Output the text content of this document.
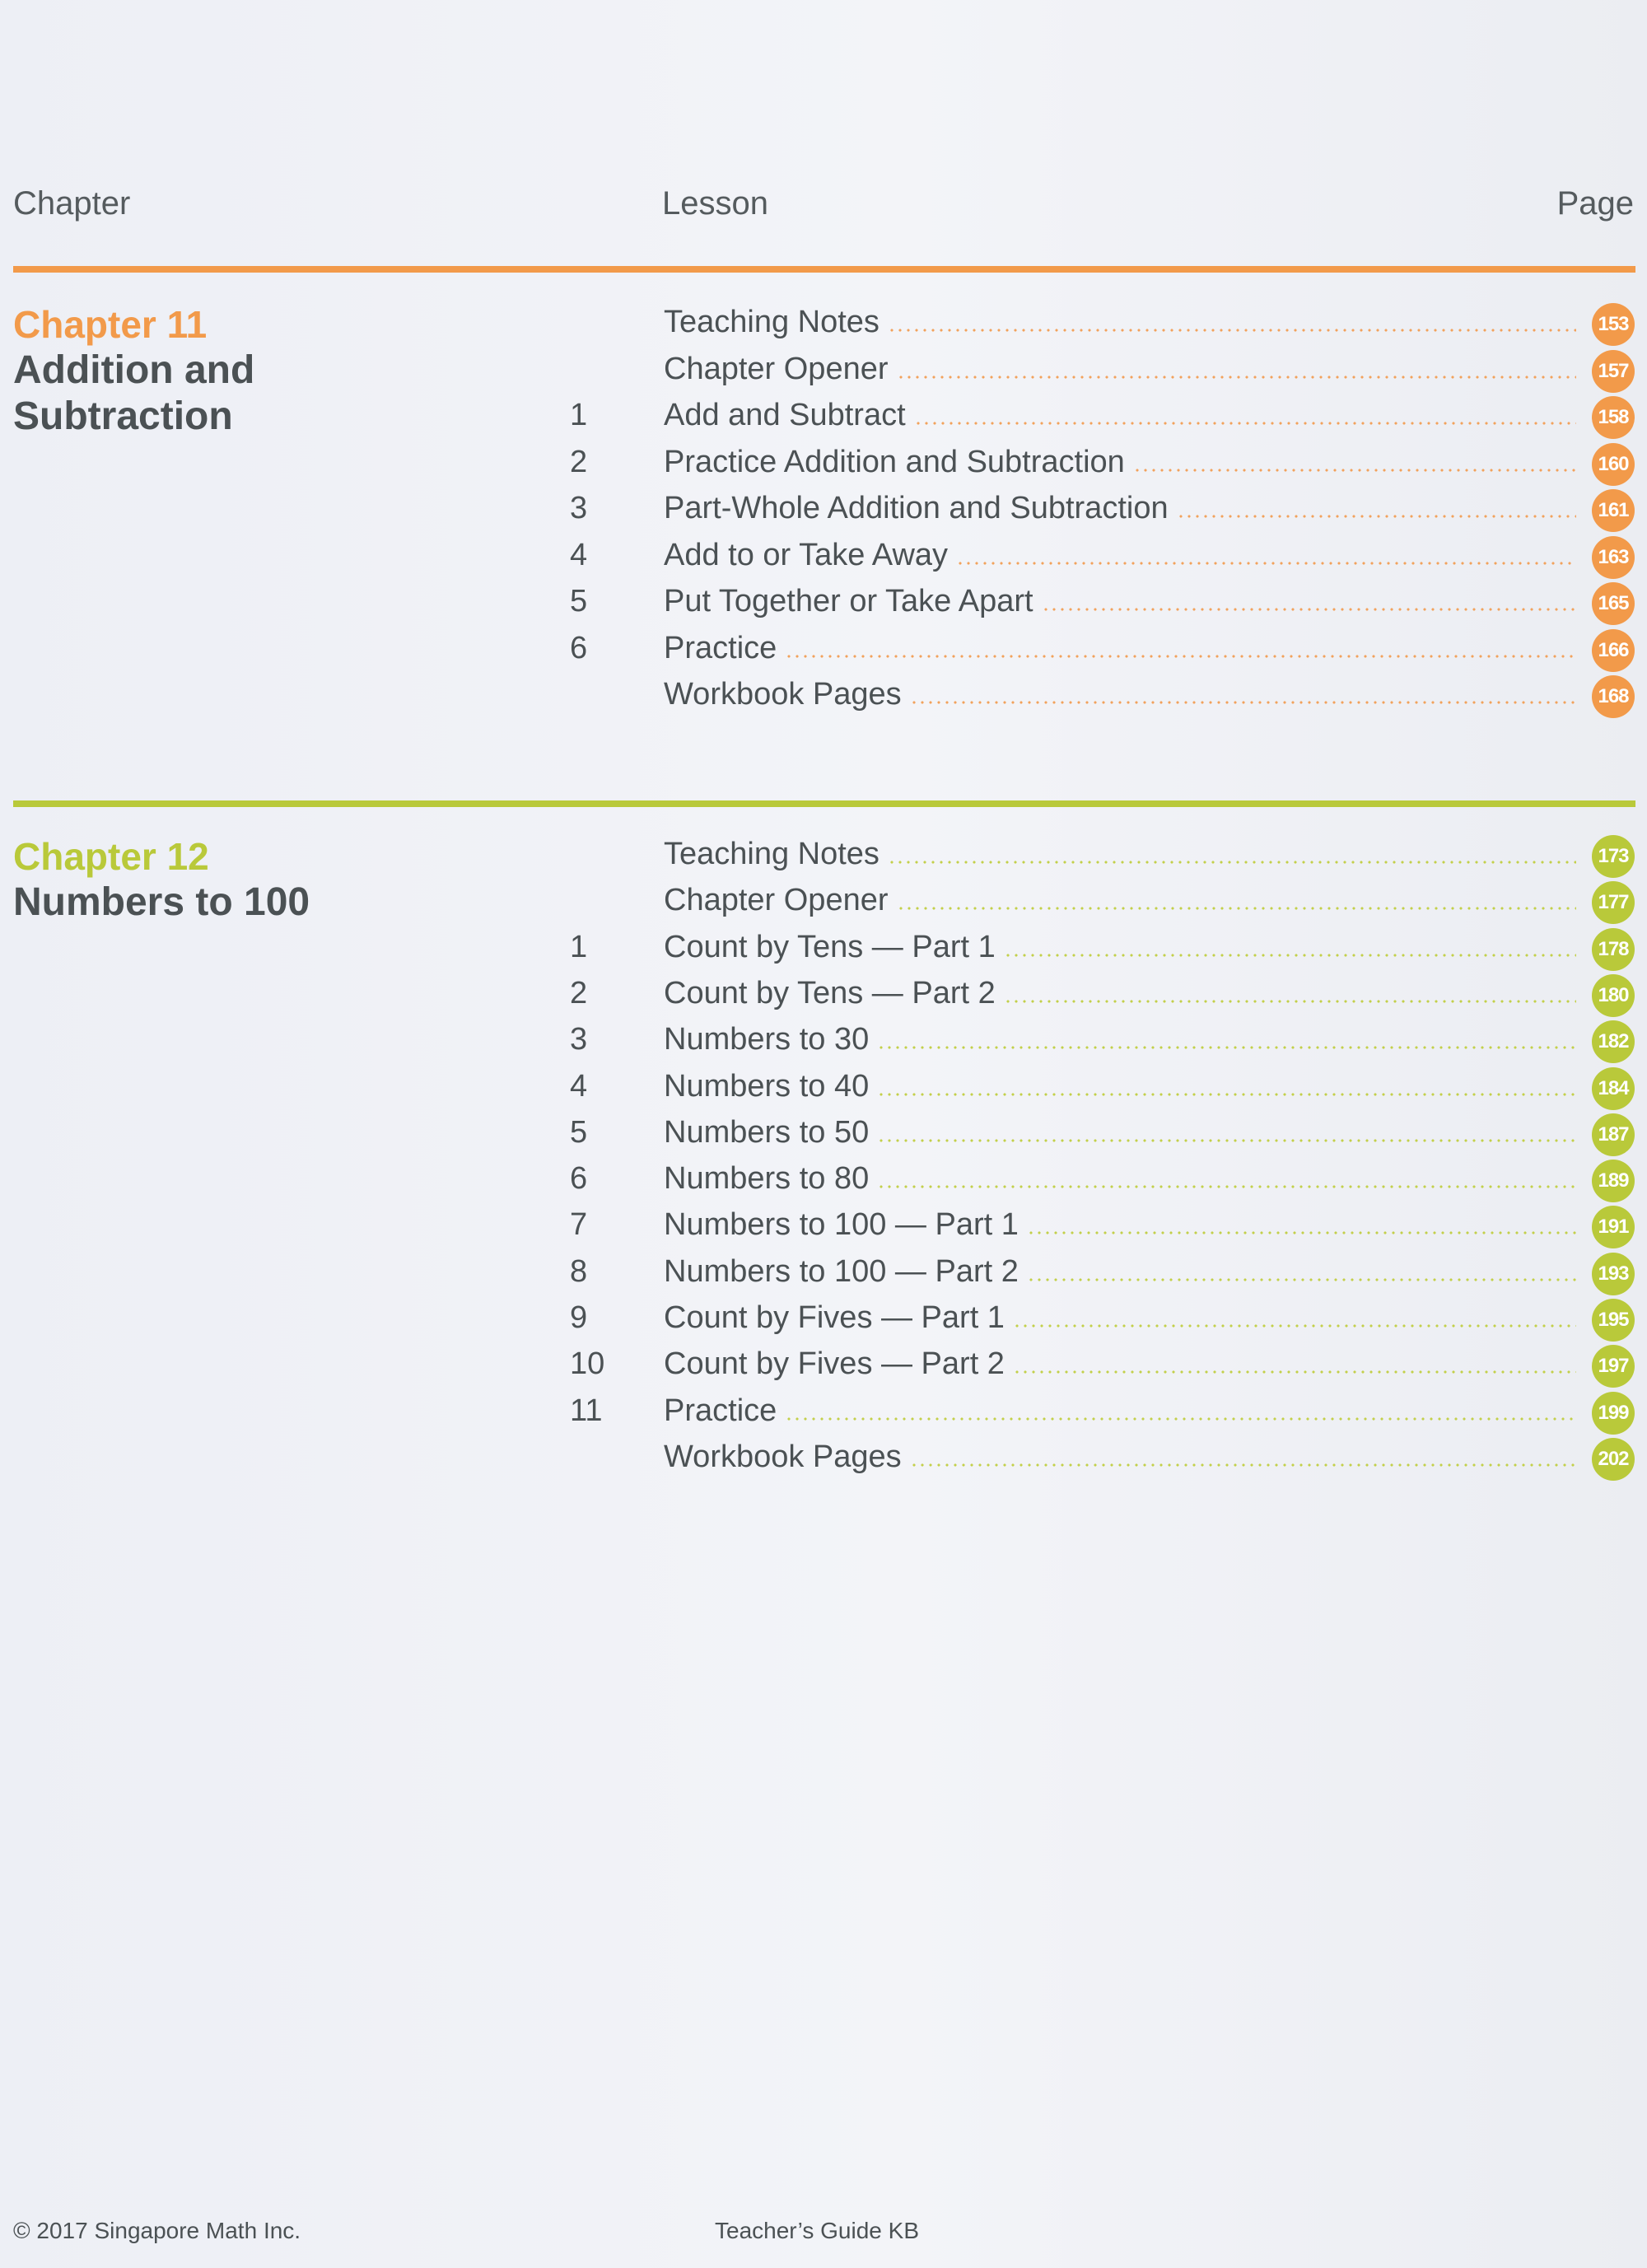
Chapter	Lesson	Page
Chapter 11
Addition and
Subtraction
Teaching Notes	153
Chapter Opener	157
1	Add and Subtract	158
2	Practice Addition and Subtraction	160
3	Part-Whole Addition and Subtraction	161
4	Add to or Take Away	163
5	Put Together or Take Apart	165
6	Practice	166
Workbook Pages	168
Chapter 12
Numbers to 100
Teaching Notes	173
Chapter Opener	177
1	Count by Tens — Part 1	178
2	Count by Tens — Part 2	180
3	Numbers to 30	182
4	Numbers to 40	184
5	Numbers to 50	187
6	Numbers to 80	189
7	Numbers to 100 — Part 1	191
8	Numbers to 100 — Part 2	193
9	Count by Fives — Part 1	195
10	Count by Fives — Part 2	197
11	Practice	199
Workbook Pages	202
© 2017 Singapore Math Inc.	Teacher’s Guide KB
